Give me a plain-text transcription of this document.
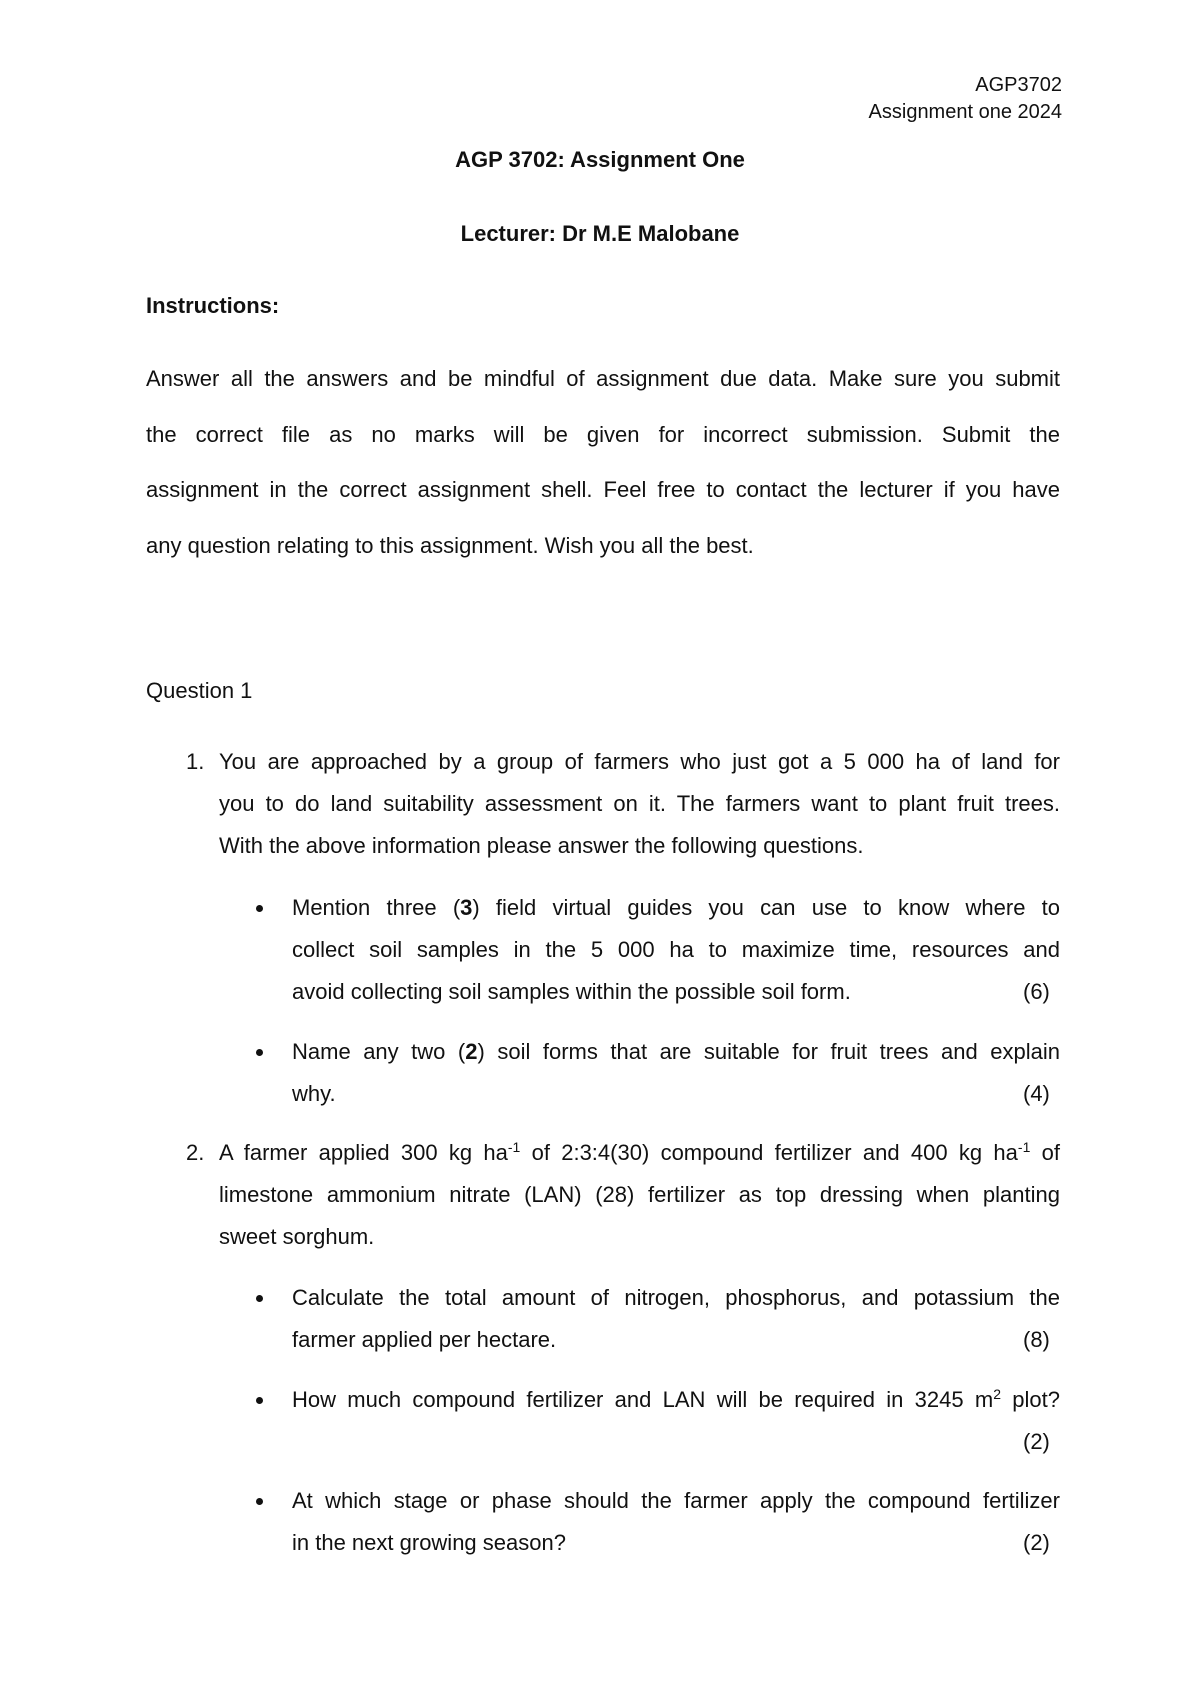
AGP3702
Assignment one 2024
AGP 3702: Assignment One
Lecturer: Dr M.E Malobane
Instructions:
Answer all the answers and be mindful of assignment due data. Make sure you submit
the correct file as no marks will be given for incorrect submission. Submit the
assignment in the correct assignment shell. Feel free to contact the lecturer if you have
any question relating to this assignment. Wish you all the best.
Question 1
1. You are approached by a group of farmers who just got a 5 000 ha of land for
you to do land suitability assessment on it. The farmers want to plant fruit trees.
With the above information please answer the following questions.
Mention three (3) field virtual guides you can use to know where to
collect soil samples in the 5 000 ha to maximize time, resources and
avoid collecting soil samples within the possible soil form.	(6)
Name any two (2) soil forms that are suitable for fruit trees and explain
why.	(4)
2. A farmer applied 300 kg $ha^{-1}$ of 2:3:4(30) compound fertilizer and 400 kg $ha^{-1}$ of
limestone ammonium nitrate (LAN) (28) fertilizer as top dressing when planting
sweet sorghum.
Calculate the total amount of nitrogen, phosphorus, and potassium the
farmer applied per hectare.	(8)
How much compound fertilizer and LAN will be required in 3245 $m^2$ plot?
(2)
At which stage or phase should the farmer apply the compound fertilizer
in the next growing season?	(2)
